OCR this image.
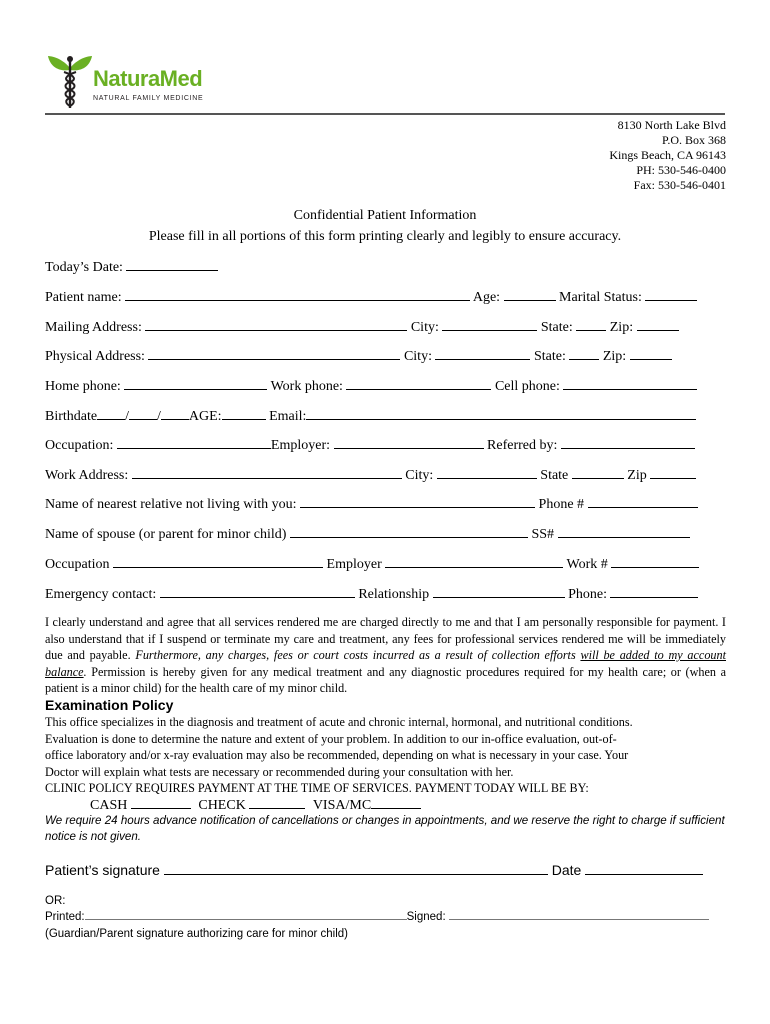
NaturaMed
NATURAL FAMILY MEDICINE
8130 North Lake Blvd
P.O. Box 368
Kings Beach, CA 96143
PH: 530-546-0400
Fax: 530-546-0401
Confidential Patient Information
Please fill in all portions of this form printing clearly and legibly to ensure accuracy.
Today’s Date:
Patient name:	Age:	Marital Status:
Mailing Address:	City:	State:	Zip:
Physical Address:	City:	State:	Zip:
Home phone:	Work phone:	Cell phone:
Birthdate / / AGE:	Email:
Occupation:	Employer:	Referred by:
Work Address:	City:	State	Zip
Name of nearest relative not living with you:	Phone #
Name of spouse (or parent for minor child)	SS#
Occupation	Employer	Work #
Emergency contact:	Relationship	Phone:
I clearly understand and agree that all services rendered me are charged directly to me and that I am personally responsible for payment. I also understand that if I suspend or terminate my care and treatment, any fees for professional services rendered me will be immediately due and payable. Furthermore, any charges, fees or court costs incurred as a result of collection efforts will be added to my account balance. Permission is hereby given for any medical treatment and any diagnostic procedures required for my health care; or (when a patient is a minor child) for the health care of my minor child.
Examination Policy
This office specializes in the diagnosis and treatment of acute and chronic internal, hormonal, and nutritional conditions.
Evaluation is done to determine the nature and extent of your problem. In addition to our in-office evaluation, out-of-
office laboratory and/or x-ray evaluation may also be recommended, depending on what is necessary in your case. Your
Doctor will explain what tests are necessary or recommended during your consultation with her.
CLINIC POLICY REQUIRES PAYMENT AT THE TIME OF SERVICES. PAYMENT TODAY WILL BE BY:
CASH	CHECK	VISA/MC
We require 24 hours advance notification of cancellations or changes in appointments, and we reserve the right to charge if sufficient notice is not given.
Patient’s signature	Date
OR:
Printed:	Signed:
(Guardian/Parent signature authorizing care for minor child)
